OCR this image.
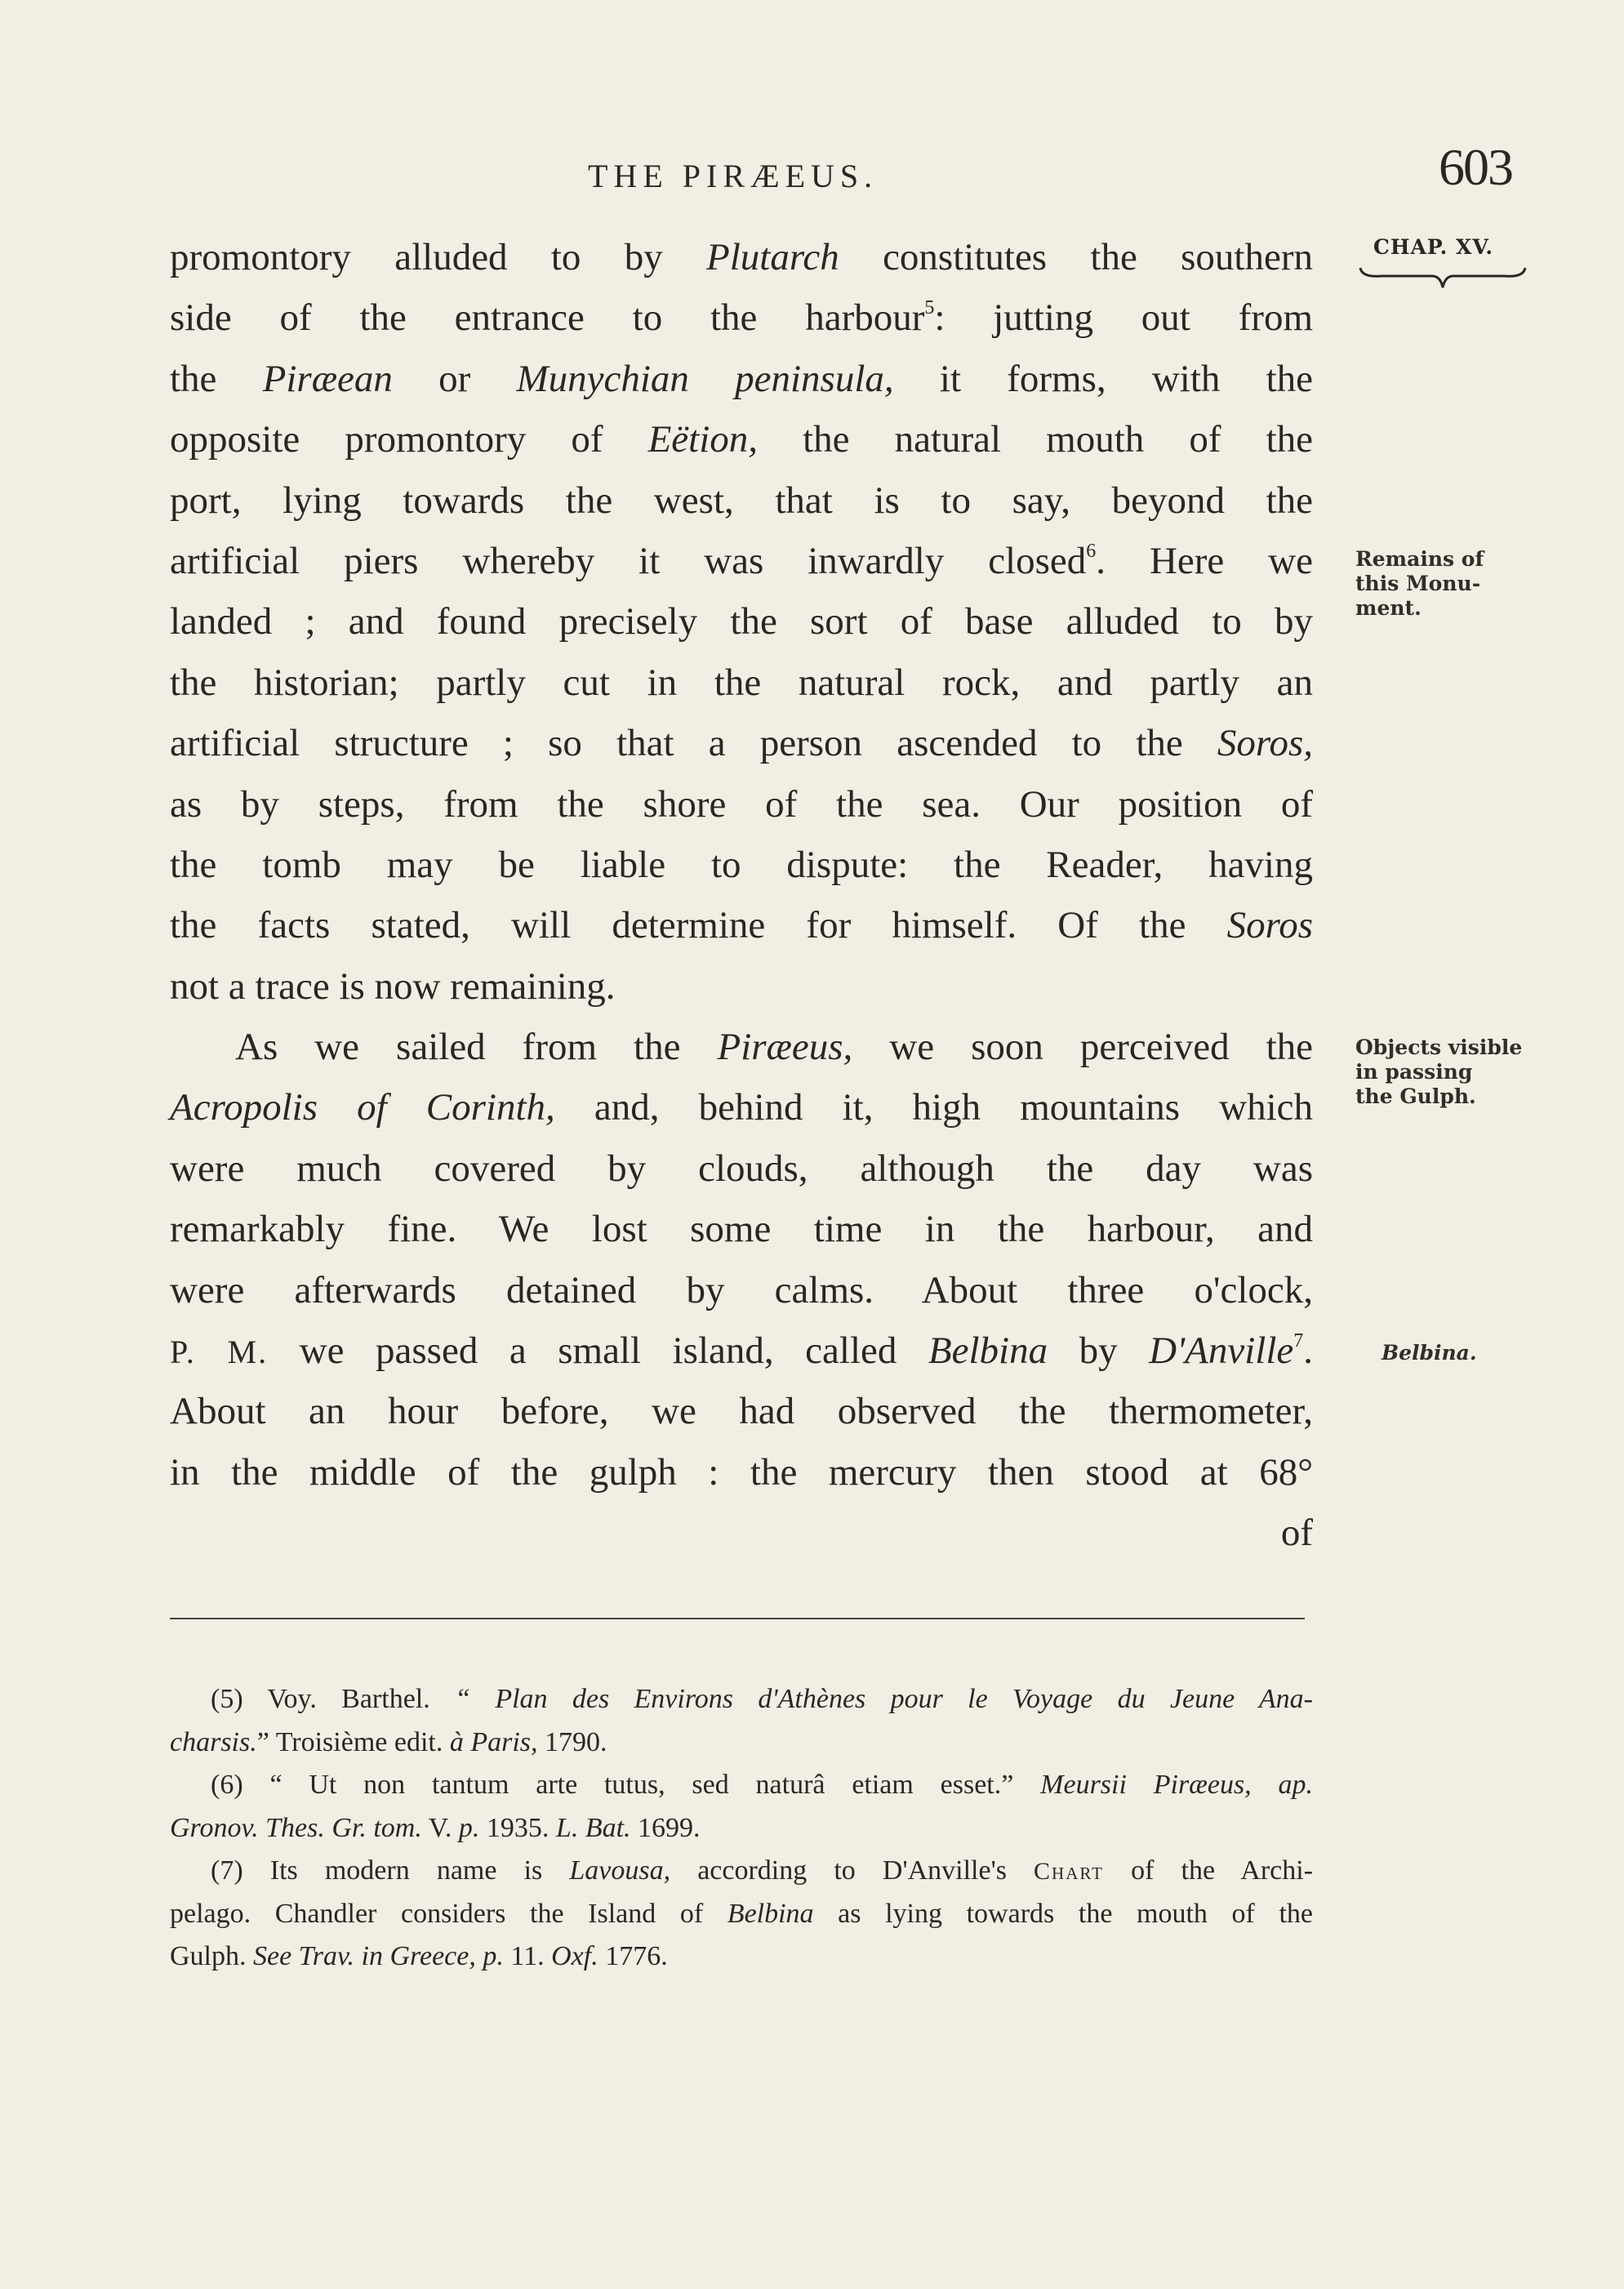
THE PIRÆEUS.	603
CHAP. XV.
Remains of
this Monu-
ment.
Objects visible
in passing
the Gulph.
Belbina.
promontory alluded to by Plutarch constitutes the southern
side of the entrance to the harbour$^5$: jutting out from
the Piræean or Munychian peninsula, it forms, with the
opposite promontory of Eëtion, the natural mouth of the
port, lying towards the west, that is to say, beyond the
artificial piers whereby it was inwardly closed$^6$. Here we
landed ; and found precisely the sort of base alluded to by
the historian; partly cut in the natural rock, and partly an
artificial structure ; so that a person ascended to the Soros,
as by steps, from the shore of the sea. Our position of
the tomb may be liable to dispute: the Reader, having
the facts stated, will determine for himself. Of the Soros
not a trace is now remaining.
As we sailed from the Piræeus, we soon perceived the
Acropolis of Corinth, and, behind it, high mountains which
were much covered by clouds, although the day was
remarkably fine. We lost some time in the harbour, and
were afterwards detained by calms. About three o'clock,
P. M. we passed a small island, called Belbina by D'Anville$^7$.
About an hour before, we had observed the thermometer,
in the middle of the gulph : the mercury then stood at 68°
of
(5) Voy. Barthel. “ Plan des Environs d'Athènes pour le Voyage du Jeune Ana-
charsis.” Troisième edit. à Paris, 1790.
(6) “ Ut non tantum arte tutus, sed naturâ etiam esset.” Meursii Piræeus, ap.
Gronov. Thes. Gr. tom. V. p. 1935. L. Bat. 1699.
(7) Its modern name is Lavousa, according to D'Anville's Chart of the Archi-
pelago. Chandler considers the Island of Belbina as lying towards the mouth of the
Gulph. See Trav. in Greece, p. 11. Oxf. 1776.
